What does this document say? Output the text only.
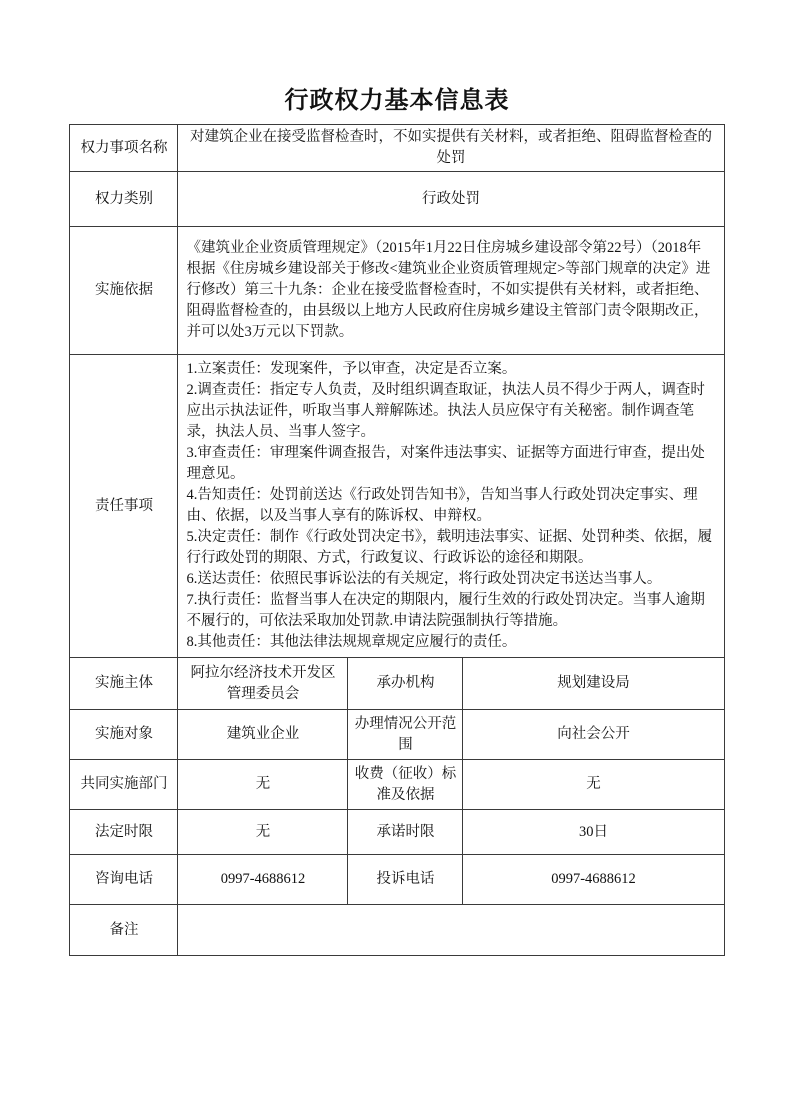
行政权力基本信息表
权力事项名称	对建筑企业在接受监督检查时，不如实提供有关材料，或者拒绝、阻碍监督检查的处罚		
权力类别	行政处罚		
实施依据	《建筑业企业资质管理规定》（2015年1月22日住房城乡建设部令第22号）（2018年根据《住房城乡建设部关于修改<建筑业企业资质管理规定>等部门规章的决定》进行修改）第三十九条：企业在接受监督检查时，不如实提供有关材料，或者拒绝、阻碍监督检查的，由县级以上地方人民政府住房城乡建设主管部门责令限期改正，并可以处3万元以下罚款。		
责任事项	
1.立案责任：发现案件，予以审查，决定是否立案。
2.调查责任：指定专人负责，及时组织调查取证，执法人员不得少于两人，调查时应出示执法证件，听取当事人辩解陈述。执法人员应保守有关秘密。制作调查笔录，执法人员、当事人签字。
3.审查责任：审理案件调查报告，对案件违法事实、证据等方面进行审查，提出处理意见。
4.告知责任：处罚前送达《行政处罚告知书》，告知当事人行政处罚决定事实、理由、依据，以及当事人享有的陈诉权、申辩权。
5.决定责任：制作《行政处罚决定书》，载明违法事实、证据、处罚种类、依据，履行行政处罚的期限、方式，行政复议、行政诉讼的途径和期限。
6.送达责任：依照民事诉讼法的有关规定，将行政处罚决定书送达当事人。
7.执行责任：监督当事人在决定的期限内，履行生效的行政处罚决定。当事人逾期不履行的，可依法采取加处罚款.申请法院强制执行等措施。
8.其他责任：其他法律法规规章规定应履行的责任。

实施主体	阿拉尔经济技术开发区管理委员会	承办机构	规划建设局
实施对象	建筑业企业	办理情况公开范围	向社会公开
共同实施部门	无	收费（征收）标准及依据	无
法定时限	无	承诺时限	30日
咨询电话	0997-4688612	投诉电话	0997-4688612
备注			
